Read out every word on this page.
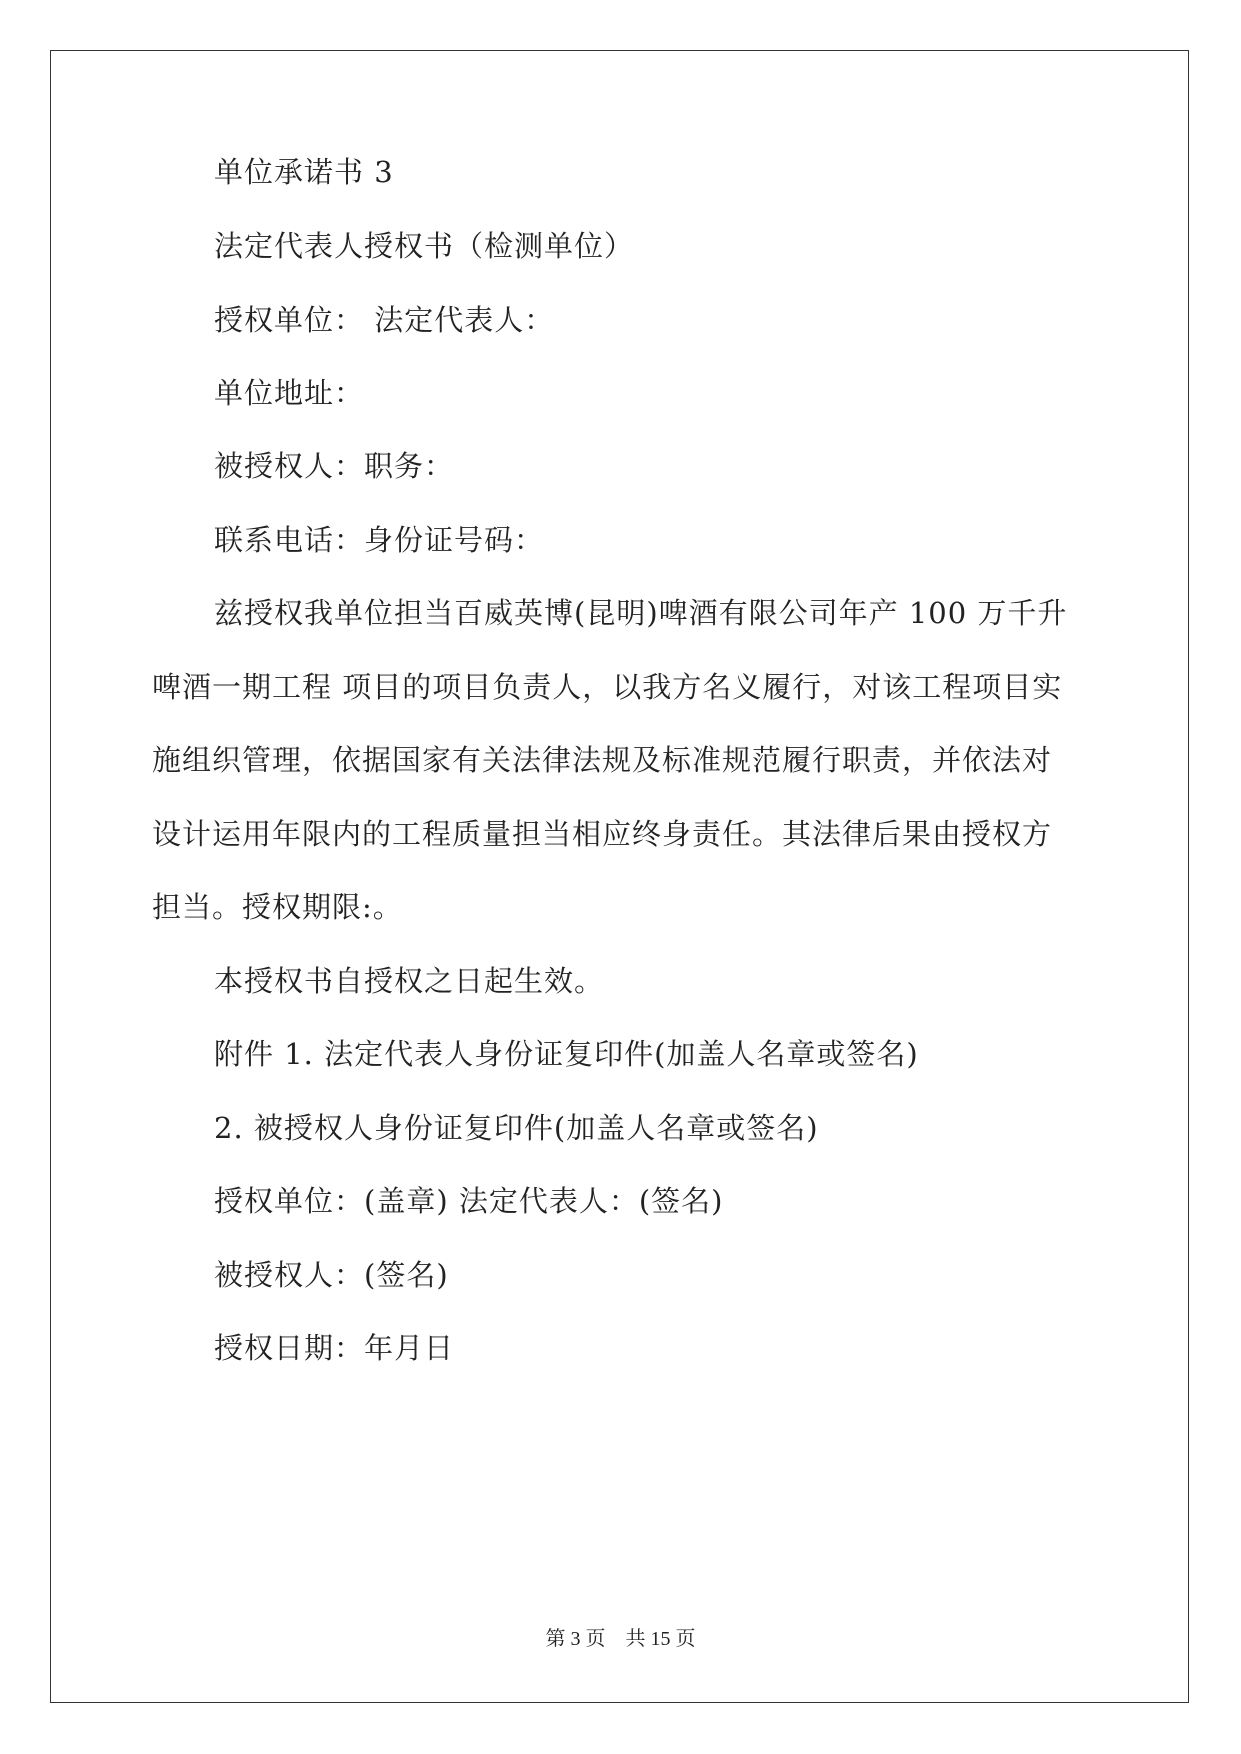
单位承诺书 3
法定代表人授权书（检测单位）
授权单位： 法定代表人：
单位地址：
被授权人：职务：
联系电话：身份证号码：
兹授权我单位担当百威英博(昆明)啤酒有限公司年产 100 万千升
啤酒一期工程 项目的项目负责人，以我方名义履行，对该工程项目实
施组织管理，依据国家有关法律法规及标准规范履行职责，并依法对
设计运用年限内的工程质量担当相应终身责任。其法律后果由授权方
担当。授权期限:。
本授权书自授权之日起生效。
附件 1. 法定代表人身份证复印件(加盖人名章或签名)
2. 被授权人身份证复印件(加盖人名章或签名)
授权单位：(盖章) 法定代表人：(签名)
被授权人：(签名)
授权日期：年月日
第 3 页 共 15 页
